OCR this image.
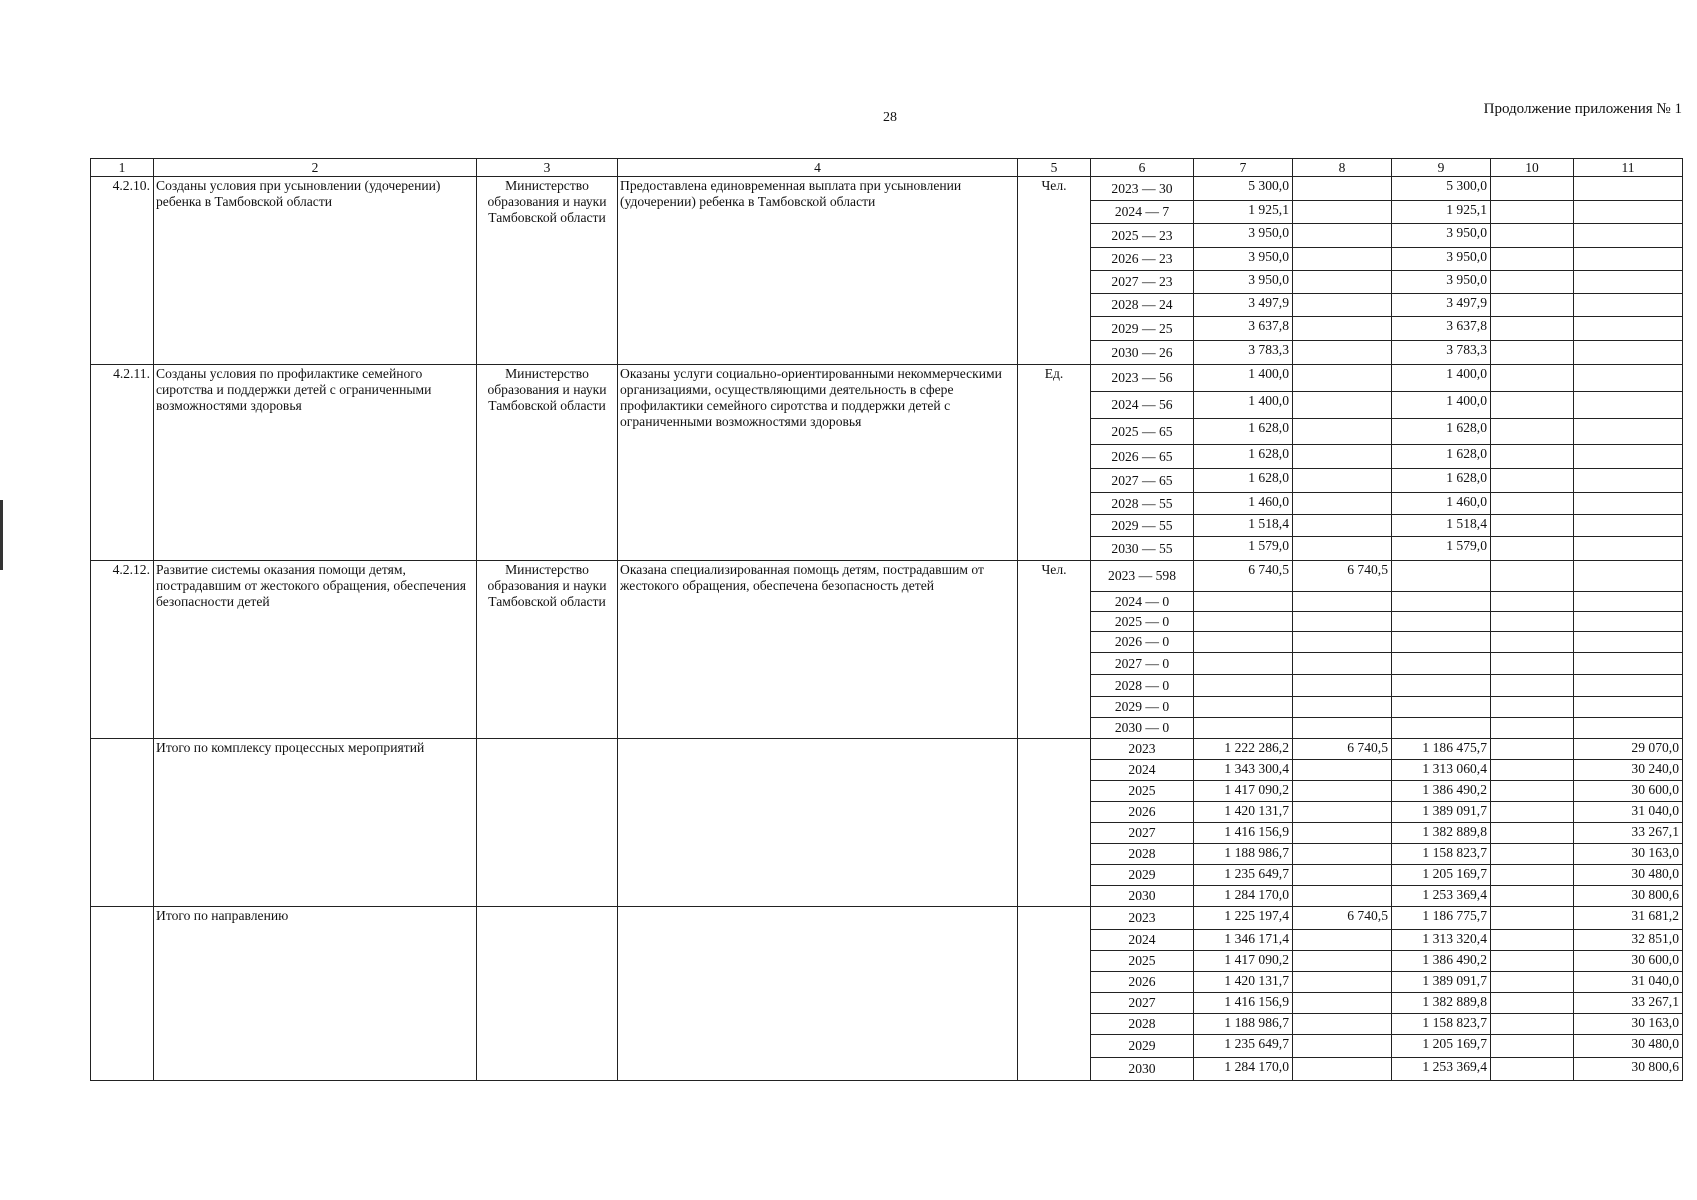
28
Продолжение приложения № 1
1	2	3	4	5	6	7	8	9	10	11
4.2.10.	Созданы условия при усыновлении (удочерении) ребенка в Тамбовской области	Министерство образования и науки Тамбовской области	Предоставлена единовременная выплата при усыновлении (удочерении) ребенка в Тамбовской области	Чел.	2023 — 30	5 300,0		5 300,0		
					2024 — 7	1 925,1		1 925,1		
					2025 — 23	3 950,0		3 950,0		
					2026 — 23	3 950,0		3 950,0		
					2027 — 23	3 950,0		3 950,0		
					2028 — 24	3 497,9		3 497,9		
					2029 — 25	3 637,8		3 637,8		
					2030 — 26	3 783,3		3 783,3		
4.2.11.	Созданы условия по профилактике семейного сиротства и поддержки детей с ограниченными возможностями здоровья	Министерство образования и науки Тамбовской области	Оказаны услуги социально-ориентированными некоммерческими организациями, осуществляющими деятельность в сфере профилактики семейного сиротства и поддержки детей с ограниченными возможностями здоровья	Ед.	2023 — 56	1 400,0		1 400,0		
					2024 — 56	1 400,0		1 400,0		
					2025 — 65	1 628,0		1 628,0		
					2026 — 65	1 628,0		1 628,0		
					2027 — 65	1 628,0		1 628,0		
					2028 — 55	1 460,0		1 460,0		
					2029 — 55	1 518,4		1 518,4		
					2030 — 55	1 579,0		1 579,0		
4.2.12.	Развитие системы оказания помощи детям, пострадавшим от жестокого обращения, обеспечения безопасности детей	Министерство образования и науки Тамбовской области	Оказана специализированная помощь детям, пострадавшим от жестокого обращения, обеспечена безопасность детей	Чел.	2023 — 598	6 740,5	6 740,5			
					2024 — 0					
					2025 — 0					
					2026 — 0					
					2027 — 0					
					2028 — 0					
					2029 — 0					
					2030 — 0					
	Итого по комплексу процессных мероприятий				2023	1 222 286,2	6 740,5	1 186 475,7		29 070,0
					2024	1 343 300,4		1 313 060,4		30 240,0
					2025	1 417 090,2		1 386 490,2		30 600,0
					2026	1 420 131,7		1 389 091,7		31 040,0
					2027	1 416 156,9		1 382 889,8		33 267,1
					2028	1 188 986,7		1 158 823,7		30 163,0
					2029	1 235 649,7		1 205 169,7		30 480,0
					2030	1 284 170,0		1 253 369,4		30 800,6
	Итого по направлению				2023	1 225 197,4	6 740,5	1 186 775,7		31 681,2
					2024	1 346 171,4		1 313 320,4		32 851,0
					2025	1 417 090,2		1 386 490,2		30 600,0
					2026	1 420 131,7		1 389 091,7		31 040,0
					2027	1 416 156,9		1 382 889,8		33 267,1
					2028	1 188 986,7		1 158 823,7		30 163,0
					2029	1 235 649,7		1 205 169,7		30 480,0
					2030	1 284 170,0		1 253 369,4		30 800,6
